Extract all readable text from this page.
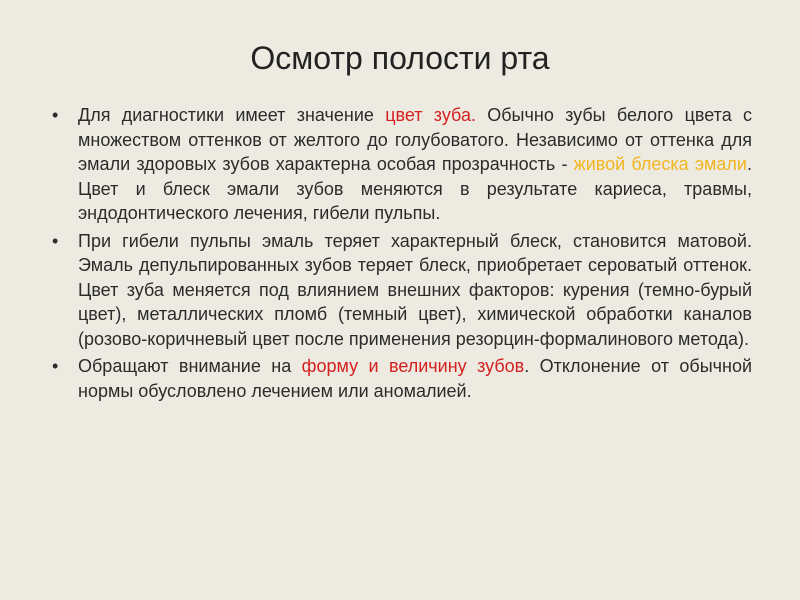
Осмотр полости рта
•	Для диагностики имеет значение цвет зуба. Обычно зубы белого цвета с множеством оттенков от желтого до голубоватого. Независимо от оттенка для эмали здоровых зубов характерна особая прозрачность - живой блеска эмали. Цвет и блеск эмали зубов меняются в результате кариеса, травмы, эндодонтического лечения, гибели пульпы.
•	При гибели пульпы эмаль теряет характерный блеск, становится матовой. Эмаль депульпированных зубов теряет блеск, приобретает сероватый оттенок. Цвет зуба меняется под влиянием внешних факторов: курения (темно-бурый цвет), металлических пломб (темный цвет), химической обработки каналов (розово-коричневый цвет после применения резорцин-формалинового метода).
•	Обращают внимание на форму и величину зубов. Отклонение от обычной нормы обусловлено лечением или аномалией.
